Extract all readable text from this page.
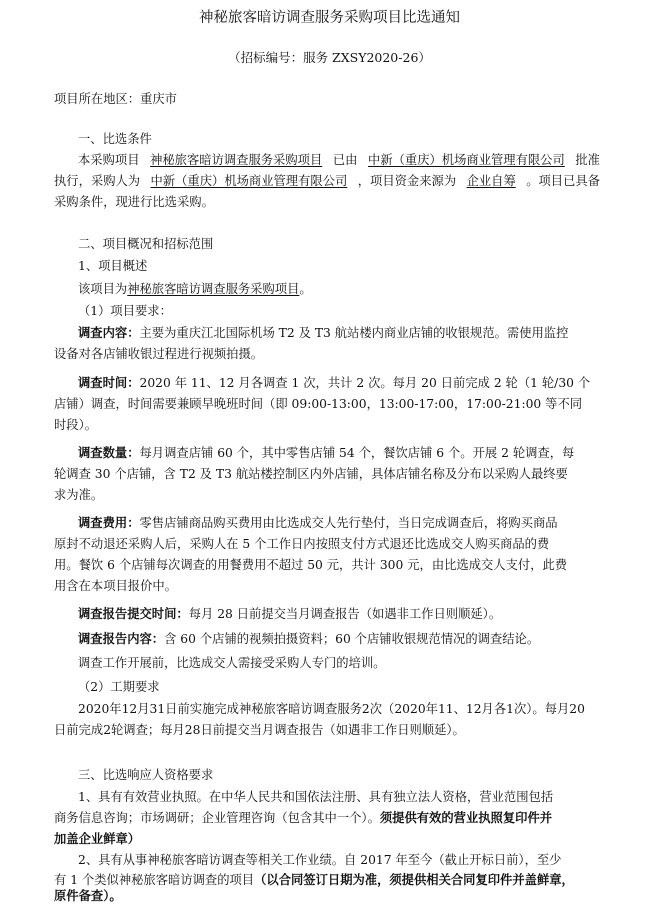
神秘旅客暗访调查服务采购项目比选通知
（招标编号：服务 ZXSY2020-26）
项目所在地区：重庆市
一、比选条件
本采购项目 神秘旅客暗访调查服务采购项目 已由 中新（重庆）机场商业管理有限公司 批准
执行，采购人为 中新（重庆）机场商业管理有限公司 ，项目资金来源为 企业自筹 。项目已具备
采购条件，现进行比选采购。
二、项目概况和招标范围
1、项目概述
该项目为神秘旅客暗访调查服务采购项目。
（1）项目要求：
调查内容：主要为重庆江北国际机场 T2 及 T3 航站楼内商业店铺的收银规范。需使用监控
设备对各店铺收银过程进行视频拍摄。
调查时间：2020 年 11、12 月各调查 1 次，共计 2 次。每月 20 日前完成 2 轮（1 轮/30 个
店铺）调查，时间需要兼顾早晚班时间（即 09:00-13:00，13:00-17:00，17:00-21:00 等不同
时段）。
调查数量：每月调查店铺 60 个，其中零售店铺 54 个，餐饮店铺 6 个。开展 2 轮调查，每
轮调查 30 个店铺，含 T2 及 T3 航站楼控制区内外店铺，具体店铺名称及分布以采购人最终要
求为准。
调查费用：零售店铺商品购买费用由比选成交人先行垫付，当日完成调查后，将购买商品
原封不动退还采购人后，采购人在 5 个工作日内按照支付方式退还比选成交人购买商品的费
用。餐饮 6 个店铺每次调查的用餐费用不超过 50 元，共计 300 元，由比选成交人支付，此费
用含在本项目报价中。
调查报告提交时间：每月 28 日前提交当月调查报告（如遇非工作日则顺延）。
调查报告内容：含 60 个店铺的视频拍摄资料；60 个店铺收银规范情况的调查结论。
调查工作开展前，比选成交人需接受采购人专门的培训。
（2）工期要求
2020年12月31日前实施完成神秘旅客暗访调查服务2次（2020年11、12月各1次）。每月20
日前完成2轮调查；每月28日前提交当月调查报告（如遇非工作日则顺延）。
三、比选响应人资格要求
1、具有有效营业执照。在中华人民共和国依法注册、具有独立法人资格，营业范围包括
商务信息咨询；市场调研；企业管理咨询（包含其中一个）。须提供有效的营业执照复印件并
加盖企业鲜章）
2、具有从事神秘旅客暗访调查等相关工作业绩。自 2017 年至今（截止开标日前），至少
有 1 个类似神秘旅客暗访调查的项目（以合同签订日期为准，须提供相关合同复印件并盖鲜章，
原件备查）。
